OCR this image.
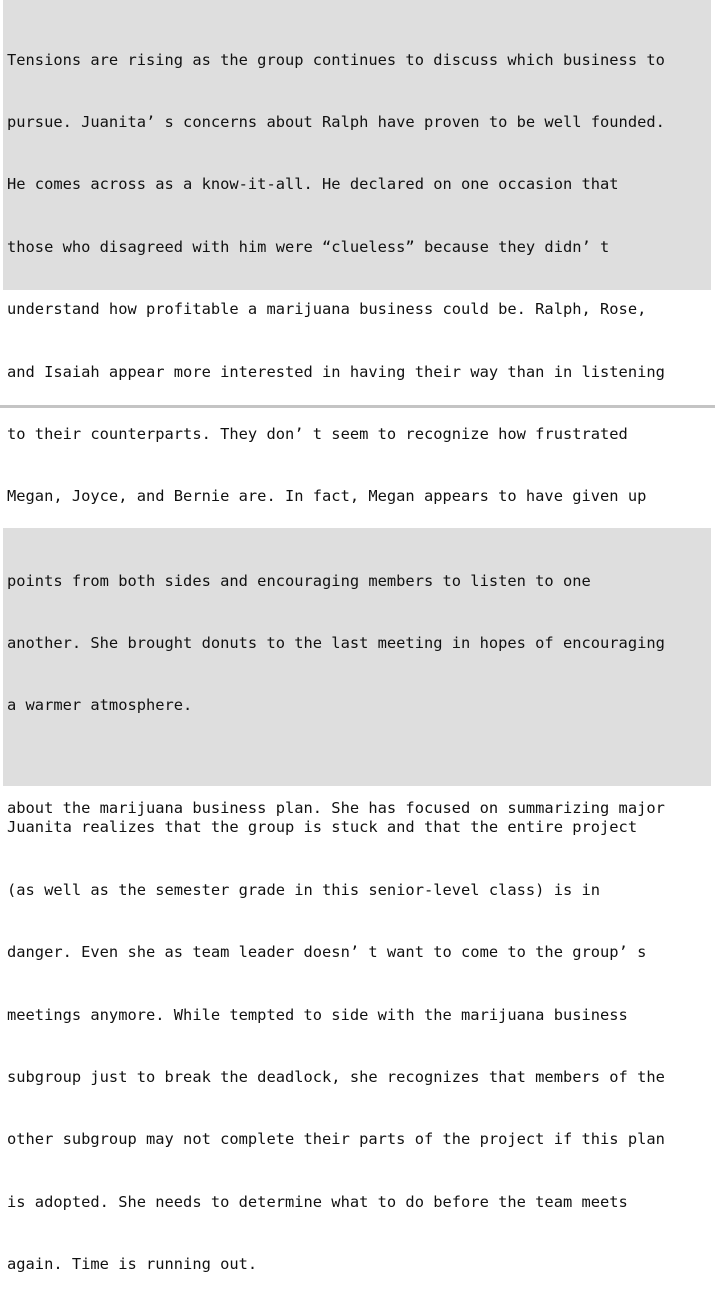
Tensions are rising as the group continues to discuss which business to

pursue. Juanita’ s concerns about Ralph have proven to be well founded.

He comes across as a know-it-all. He declared on one occasion that

those who disagreed with him were “clueless” because they didn’ t

understand how profitable a marijuana business could be. Ralph, Rose,

and Isaiah appear more interested in having their way than in listening

to their counterparts. They don’ t seem to recognize how frustrated

Megan, Joyce, and Bernie are. In fact, Megan appears to have given up

about the marijuana business plan. She has focused on summarizing major

points from both sides and encouraging members to listen to one

another. She brought donuts to the last meeting in hopes of encouraging

a warmer atmosphere.

Juanita realizes that the group is stuck and that the entire project

(as well as the semester grade in this senior-level class) is in

danger. Even she as team leader doesn’ t want to come to the group’ s

meetings anymore. While tempted to side with the marijuana business

subgroup just to break the deadlock, she recognizes that members of the

other subgroup may not complete their parts of the project if this plan

is adopted. She needs to determine what to do before the team meets

again. Time is running out.
